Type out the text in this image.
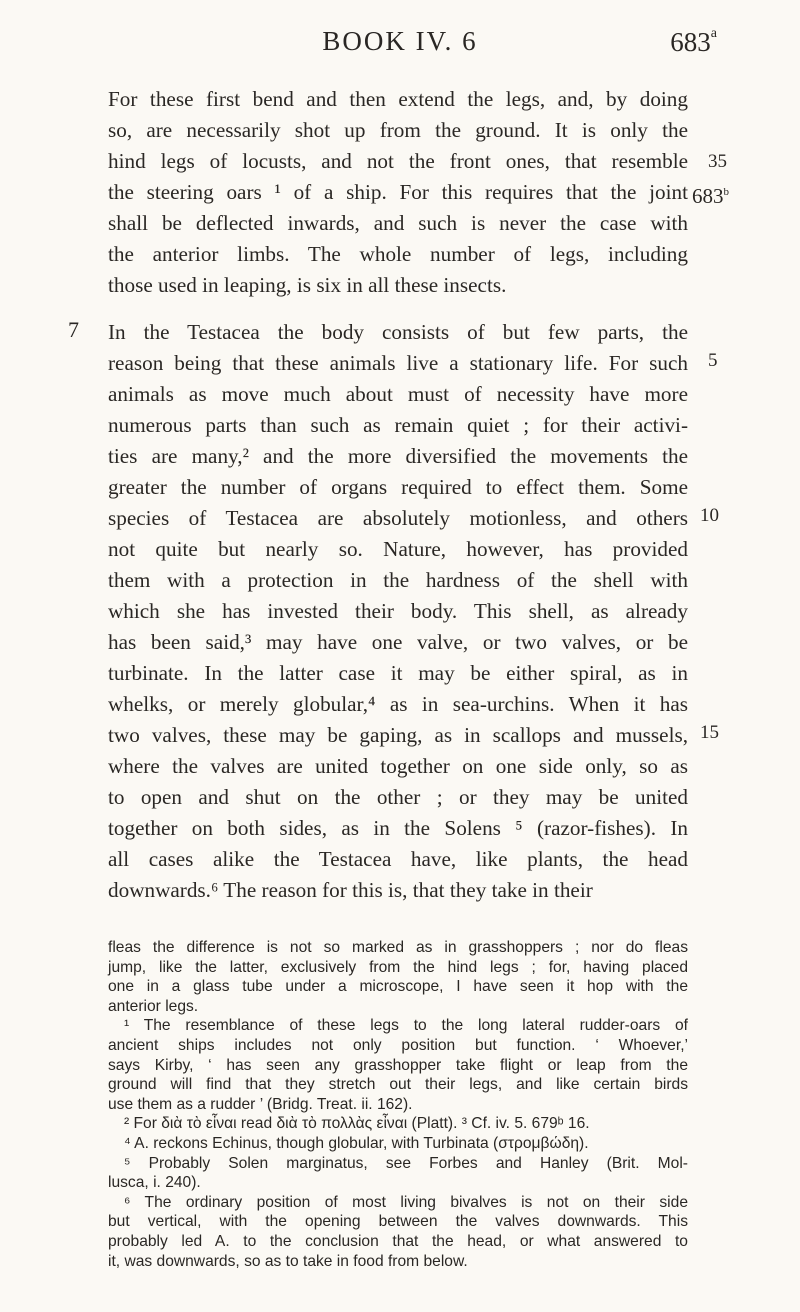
BOOK IV. 6	683$^a$
35
683$^b$
7
5
10
15
For these first bend and then extend the legs, and, by doing
so, are necessarily shot up from the ground. It is only the
hind legs of locusts, and not the front ones, that resemble
the steering oars ¹ of a ship. For this requires that the joint
shall be deflected inwards, and such is never the case with
the anterior limbs. The whole number of legs, including
those used in leaping, is six in all these insects.
In the Testacea the body consists of but few parts, the
reason being that these animals live a stationary life. For such
animals as move much about must of necessity have more
numerous parts than such as remain quiet ; for their activi-
ties are many,² and the more diversified the movements the
greater the number of organs required to effect them. Some
species of Testacea are absolutely motionless, and others
not quite but nearly so. Nature, however, has provided
them with a protection in the hardness of the shell with
which she has invested their body. This shell, as already
has been said,³ may have one valve, or two valves, or be
turbinate. In the latter case it may be either spiral, as in
whelks, or merely globular,⁴ as in sea-urchins. When it has
two valves, these may be gaping, as in scallops and mussels,
where the valves are united together on one side only, so as
to open and shut on the other ; or they may be united
together on both sides, as in the Solens ⁵ (razor-fishes). In
all cases alike the Testacea have, like plants, the head
downwards.⁶ The reason for this is, that they take in their
fleas the difference is not so marked as in grasshoppers ; nor do fleas
jump, like the latter, exclusively from the hind legs ; for, having placed
one in a glass tube under a microscope, I have seen it hop with the
anterior legs.
¹ The resemblance of these legs to the long lateral rudder-oars of
ancient ships includes not only position but function. ‘ Whoever,’
says Kirby, ‘ has seen any grasshopper take flight or leap from the
ground will find that they stretch out their legs, and like certain birds
use them as a rudder ’ (Bridg. Treat. ii. 162).
² For διὰ τὸ εἶναι read διὰ τὸ πολλὰς εἶναι (Platt). ³ Cf. iv. 5. 679ᵇ 16.
⁴ A. reckons Echinus, though globular, with Turbinata (στρομβώδη).
⁵ Probably Solen marginatus, see Forbes and Hanley (Brit. Mol-
lusca, i. 240).
⁶ The ordinary position of most living bivalves is not on their side
but vertical, with the opening between the valves downwards. This
probably led A. to the conclusion that the head, or what answered to
it, was downwards, so as to take in food from below.
